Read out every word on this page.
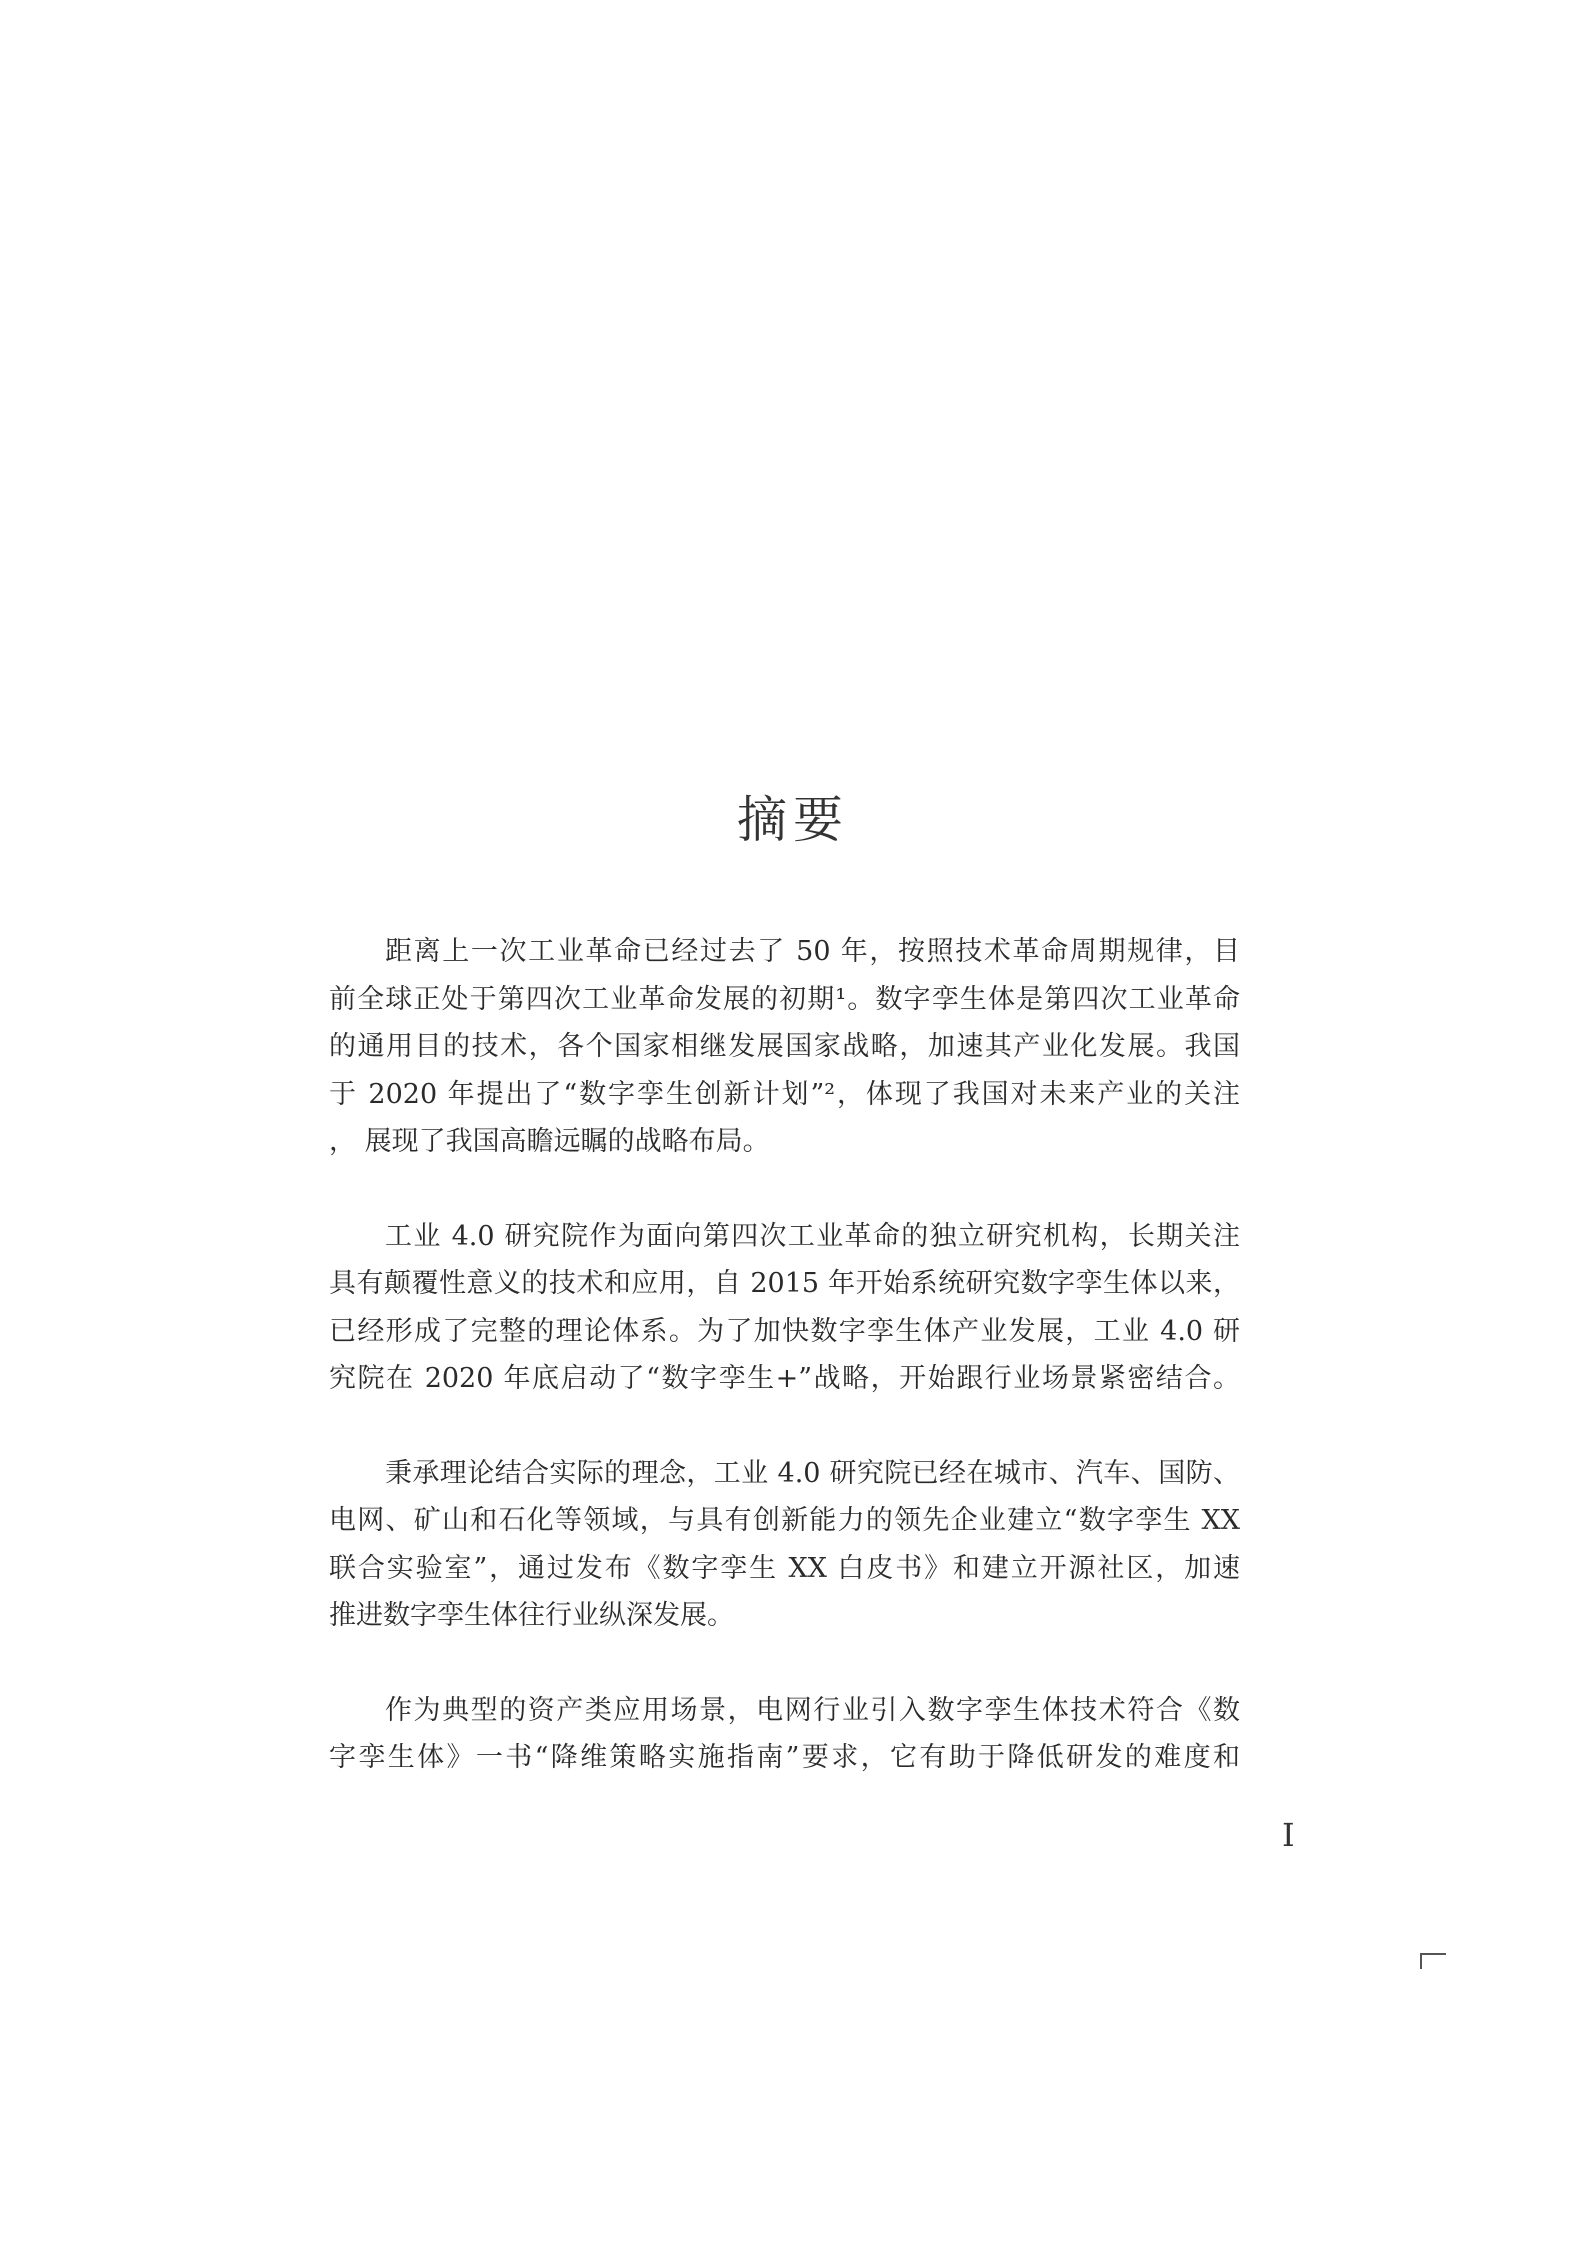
摘要
距离上一次工业革命已经过去了 50 年，按照技术革命周期规律，目
前全球正处于第四次工业革命发展的初期¹。数字孪生体是第四次工业革命
的通用目的技术，各个国家相继发展国家战略，加速其产业化发展。我国
于 2020 年提出了“数字孪生创新计划”²，体现了我国对未来产业的关注
， 展现了我国高瞻远瞩的战略布局。
工业 4.0 研究院作为面向第四次工业革命的独立研究机构，长期关注
具有颠覆性意义的技术和应用，自 2015 年开始系统研究数字孪生体以来，
已经形成了完整的理论体系。为了加快数字孪生体产业发展，工业 4.0 研
究院在 2020 年底启动了“数字孪生+”战略，开始跟行业场景紧密结合。
秉承理论结合实际的理念，工业 4.0 研究院已经在城市、汽车、国防、
电网、矿山和石化等领域，与具有创新能力的领先企业建立“数字孪生 XX
联合实验室”，通过发布《数字孪生 XX 白皮书》和建立开源社区，加速
推进数字孪生体往行业纵深发展。
作为典型的资产类应用场景，电网行业引入数字孪生体技术符合《数
字孪生体》一书“降维策略实施指南”要求，它有助于降低研发的难度和
I
